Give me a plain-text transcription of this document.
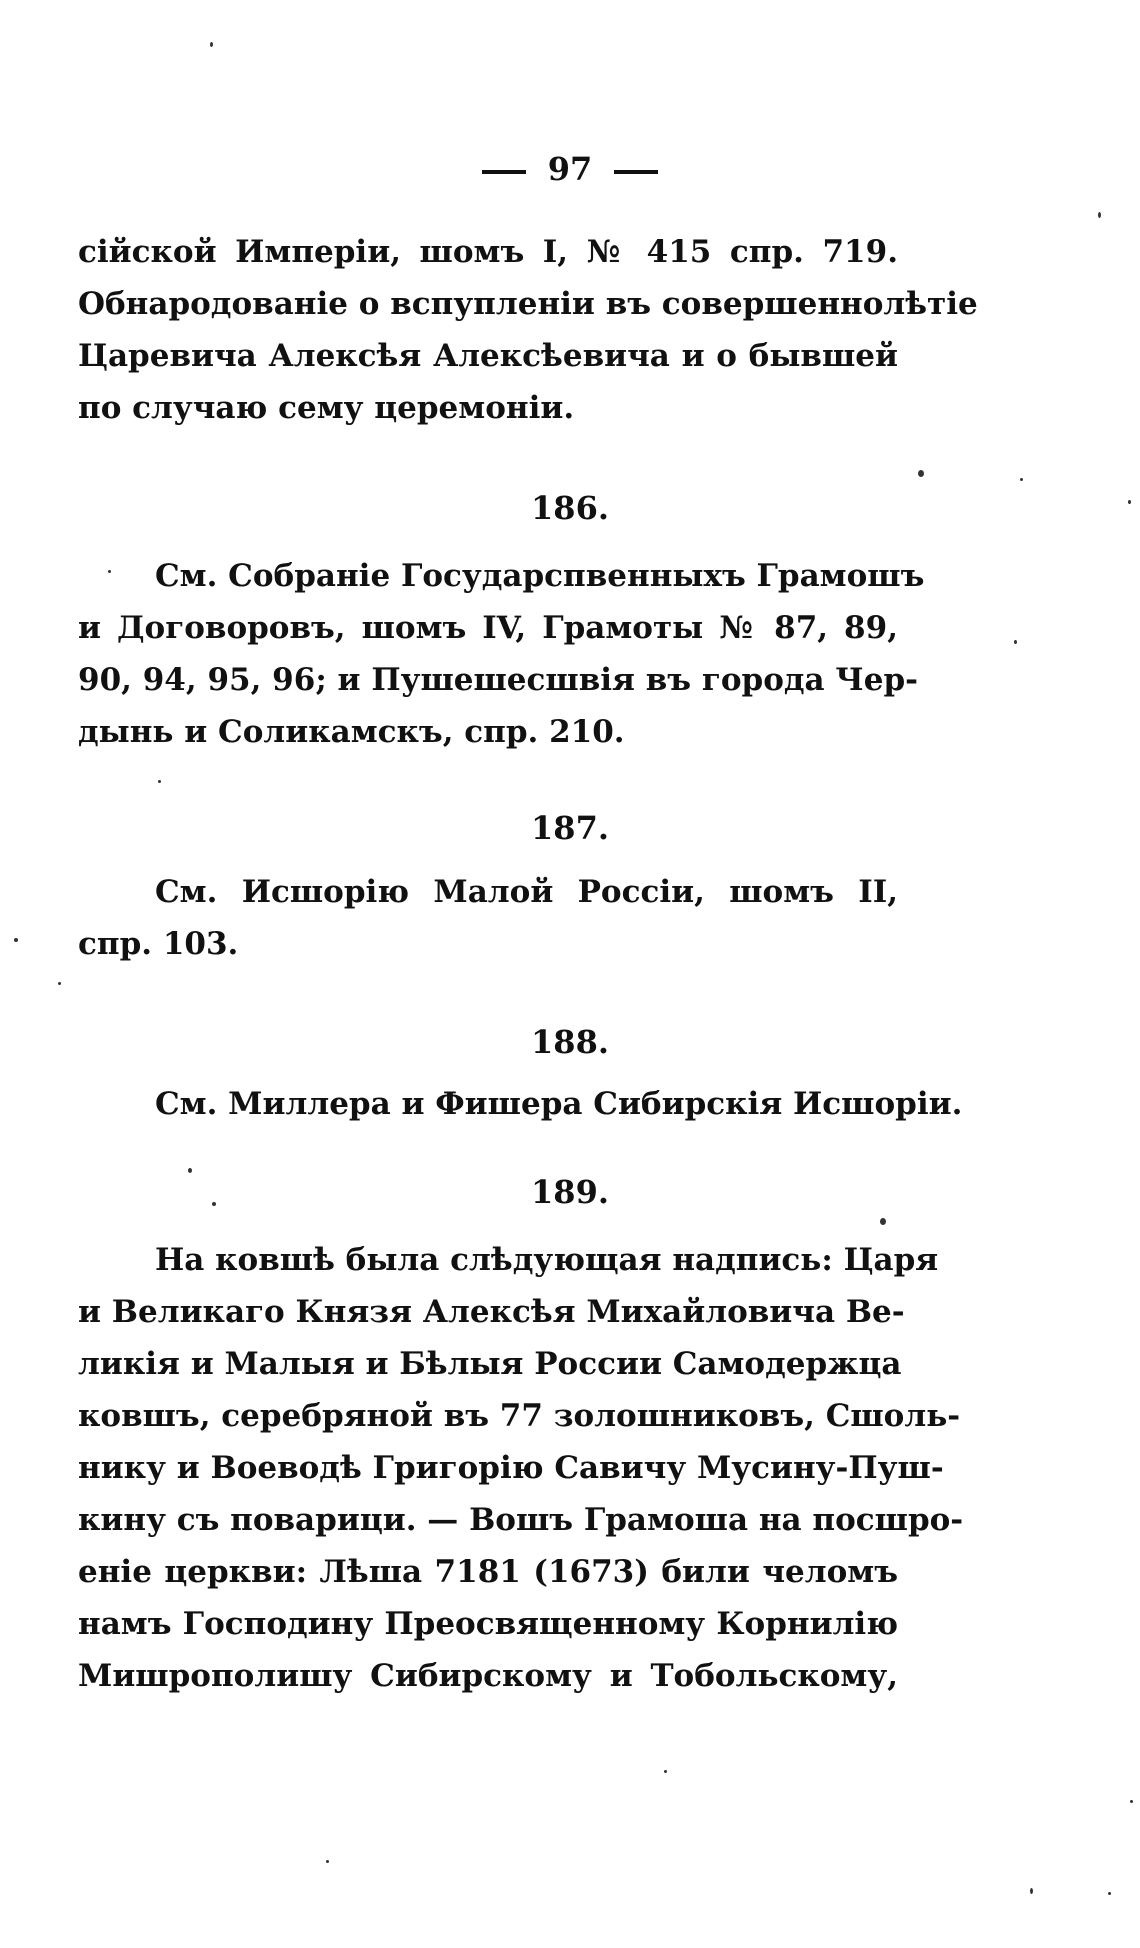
97
сійской Имперіи, шомъ I, № 415 спр. 719.
Обнародованіе о вспупленіи въ совершеннолѣтіе
Царевича Алексѣя Алексѣевича и о бывшей
по случаю сему церемоніи.
186.
См. Собраніе Государспвенныхъ Грамошъ
и Договоровъ, шомъ IV, Грамоты № 87, 89,
90, 94, 95, 96; и Пушешесшвія въ города Чер-
дынь и Соликамскъ, спр. 210.
187.
См. Исшорію Малой Россіи, шомъ II,
спр. 103.
188.
См. Миллера и Фишера Сибирскія Исшоріи.
189.
На ковшѣ была слѣдующая надпись: Царя
и Великаго Князя Алексѣя Михайловича Ве-
ликія и Малыя и Бѣлыя России Самодержца
ковшъ, серебряной въ 77 золошниковъ, Сшоль-
нику и Воеводѣ Григорію Савичу Мусину-Пуш-
кину съ поварици. — Вошъ Грамоша на посшро-
еніе церкви: Лѣша 7181 (1673) били челомъ
намъ Господину Преосвященному Корнилію
Мишрополишу Сибирскому и Тобольскому,
